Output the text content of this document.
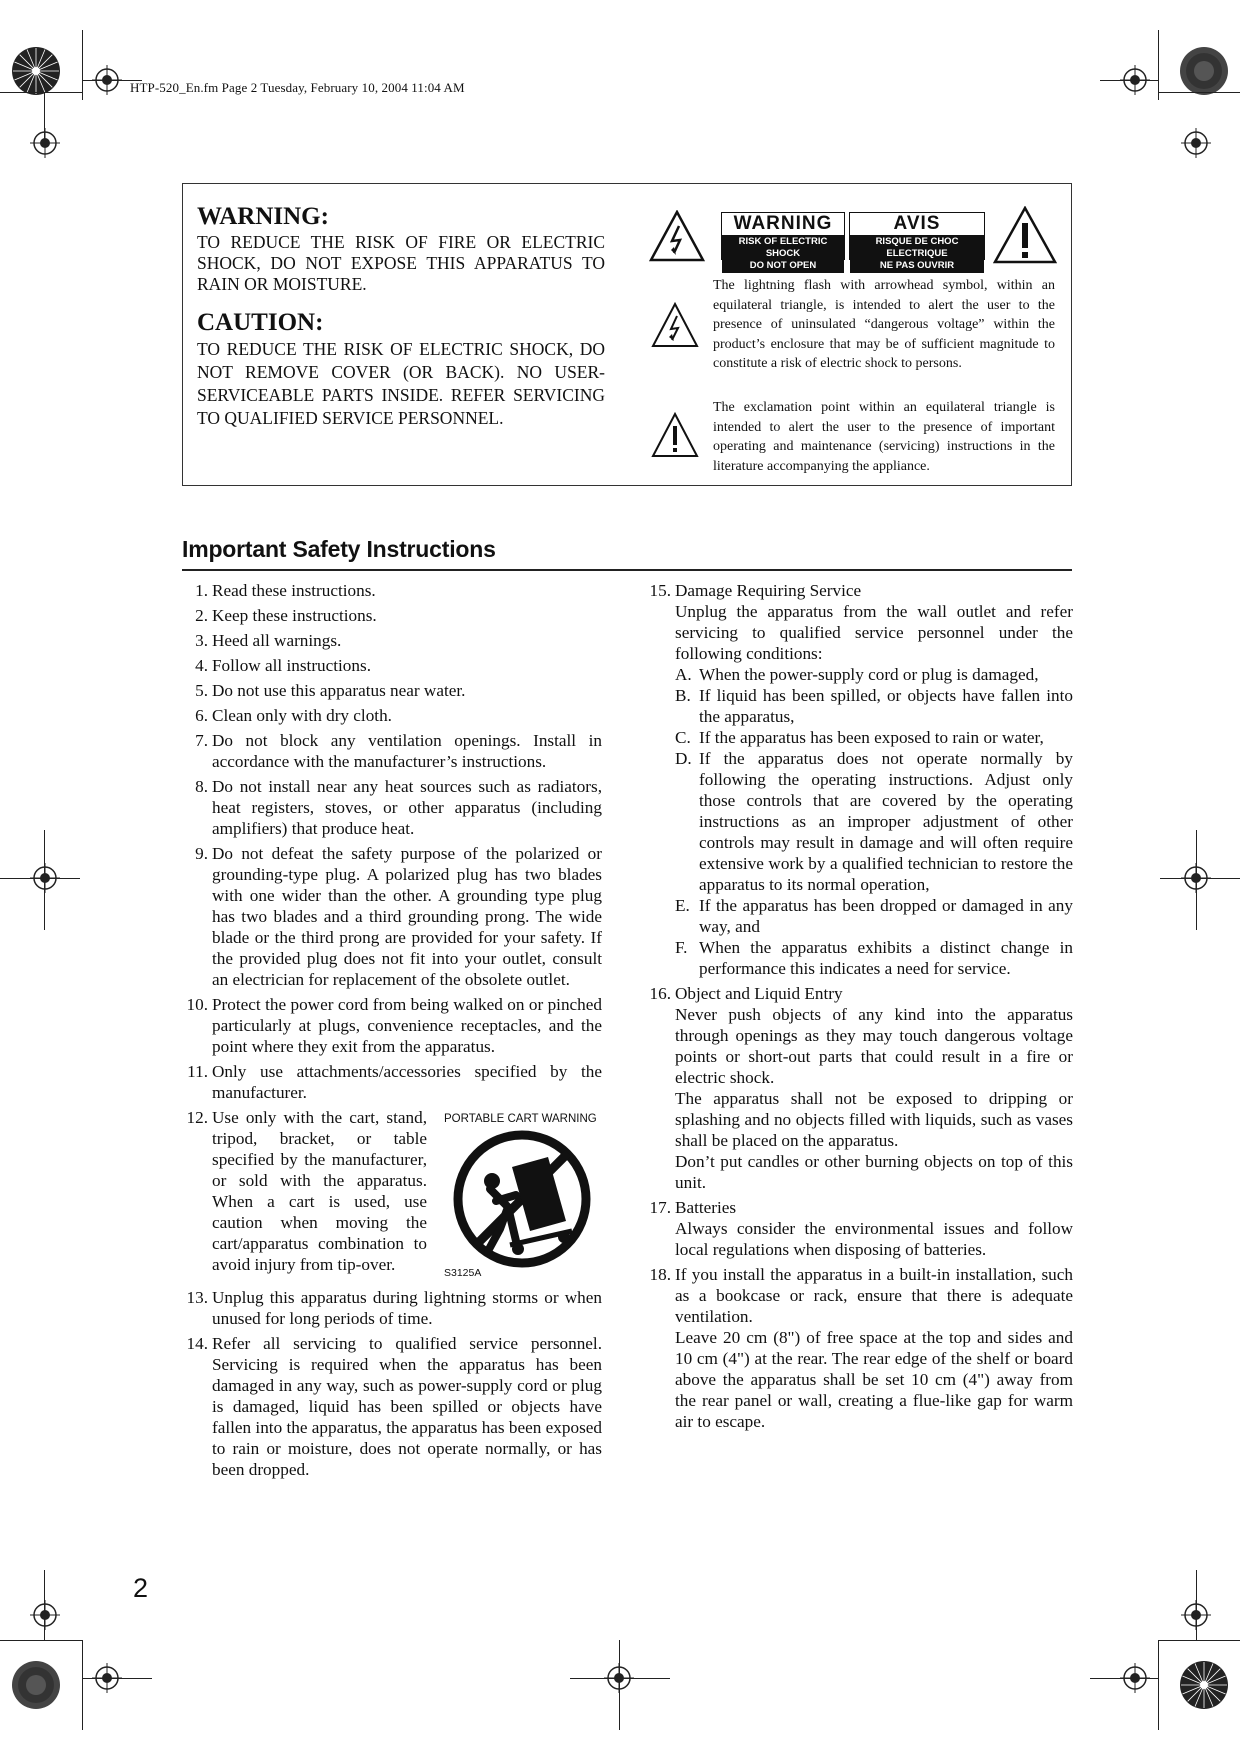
HTP-520_En.fm Page 2 Tuesday, February 10, 2004 11:04 AM

WARNING:

TO REDUCE THE RISK OF FIRE OR ELECTRIC SHOCK, DO NOT EXPOSE THIS APPARATUS TO RAIN OR MOISTURE.

CAUTION:

TO REDUCE THE RISK OF ELECTRIC SHOCK, DO NOT REMOVE COVER (OR BACK). NO USER-SERVICEABLE PARTS INSIDE. REFER SERVICING TO QUALIFIED SERVICE PERSONNEL.

WARNING
RISK OF ELECTRIC SHOCK
DO NOT OPEN
AVIS
RISQUE DE CHOC ELECTRIQUE
NE PAS OUVRIR
The lightning flash with arrowhead symbol, within an equilateral triangle, is intended to alert the user to the presence of uninsulated “dangerous voltage” within the product’s enclosure that may be of sufficient magnitude to constitute a risk of electric shock to persons.
The exclamation point within an equilateral triangle is intended to alert the user to the presence of important operating and maintenance (servicing) instructions in the literature accompanying the appliance.
Important Safety Instructions
1. Read these instructions.
2. Keep these instructions.
3. Heed all warnings.
4. Follow all instructions.
5. Do not use this apparatus near water.
6. Clean only with dry cloth.
7. Do not block any ventilation openings. Install in accordance with the manufacturer’s instructions.
8. Do not install near any heat sources such as radiators, heat registers, stoves, or other apparatus (including amplifiers) that produce heat.
9. Do not defeat the safety purpose of the polarized or grounding-type plug. A polarized plug has two blades with one wider than the other. A grounding type plug has two blades and a third grounding prong. The wide blade or the third prong are provided for your safety. If the provided plug does not fit into your outlet, consult an electrician for replacement of the obsolete outlet.
10. Protect the power cord from being walked on or pinched particularly at plugs, convenience receptacles, and the point where they exit from the apparatus.
11. Only use attachments/accessories specified by the manufacturer.
12. Use only with the cart, stand, tripod, bracket, or table specified by the manufacturer, or sold with the apparatus. When a cart is used, use caution when moving the cart/apparatus combination to avoid injury from tip-over.
PORTABLE CART WARNING
S3125A
13. Unplug this apparatus during lightning storms or when unused for long periods of time.
14. Refer all servicing to qualified service personnel. Servicing is required when the apparatus has been damaged in any way, such as power-supply cord or plug is damaged, liquid has been spilled or objects have fallen into the apparatus, the apparatus has been exposed to rain or moisture, does not operate normally, or has been dropped.
15. Damage Requiring Service
Unplug the apparatus from the wall outlet and refer servicing to qualified service personnel under the following conditions:
A. When the power-supply cord or plug is damaged,
B. If liquid has been spilled, or objects have fallen into the apparatus,
C. If the apparatus has been exposed to rain or water,
D. If the apparatus does not operate normally by following the operating instructions. Adjust only those controls that are covered by the operating instructions as an improper adjustment of other controls may result in damage and will often require extensive work by a qualified technician to restore the apparatus to its normal operation,
E. If the apparatus has been dropped or damaged in any way, and
F. When the apparatus exhibits a distinct change in performance this indicates a need for service.
16. Object and Liquid Entry
Never push objects of any kind into the apparatus through openings as they may touch dangerous voltage points or short-out parts that could result in a fire or electric shock.
The apparatus shall not be exposed to dripping or splashing and no objects filled with liquids, such as vases shall be placed on the apparatus.
Don’t put candles or other burning objects on top of this unit.
17. Batteries
Always consider the environmental issues and follow local regulations when disposing of batteries.
18. If you install the apparatus in a built-in installation, such as a bookcase or rack, ensure that there is adequate ventilation.
Leave 20 cm (8") of free space at the top and sides and 10 cm (4") at the rear. The rear edge of the shelf or board above the apparatus shall be set 10 cm (4") away from the rear panel or wall, creating a flue-like gap for warm air to escape.
2
